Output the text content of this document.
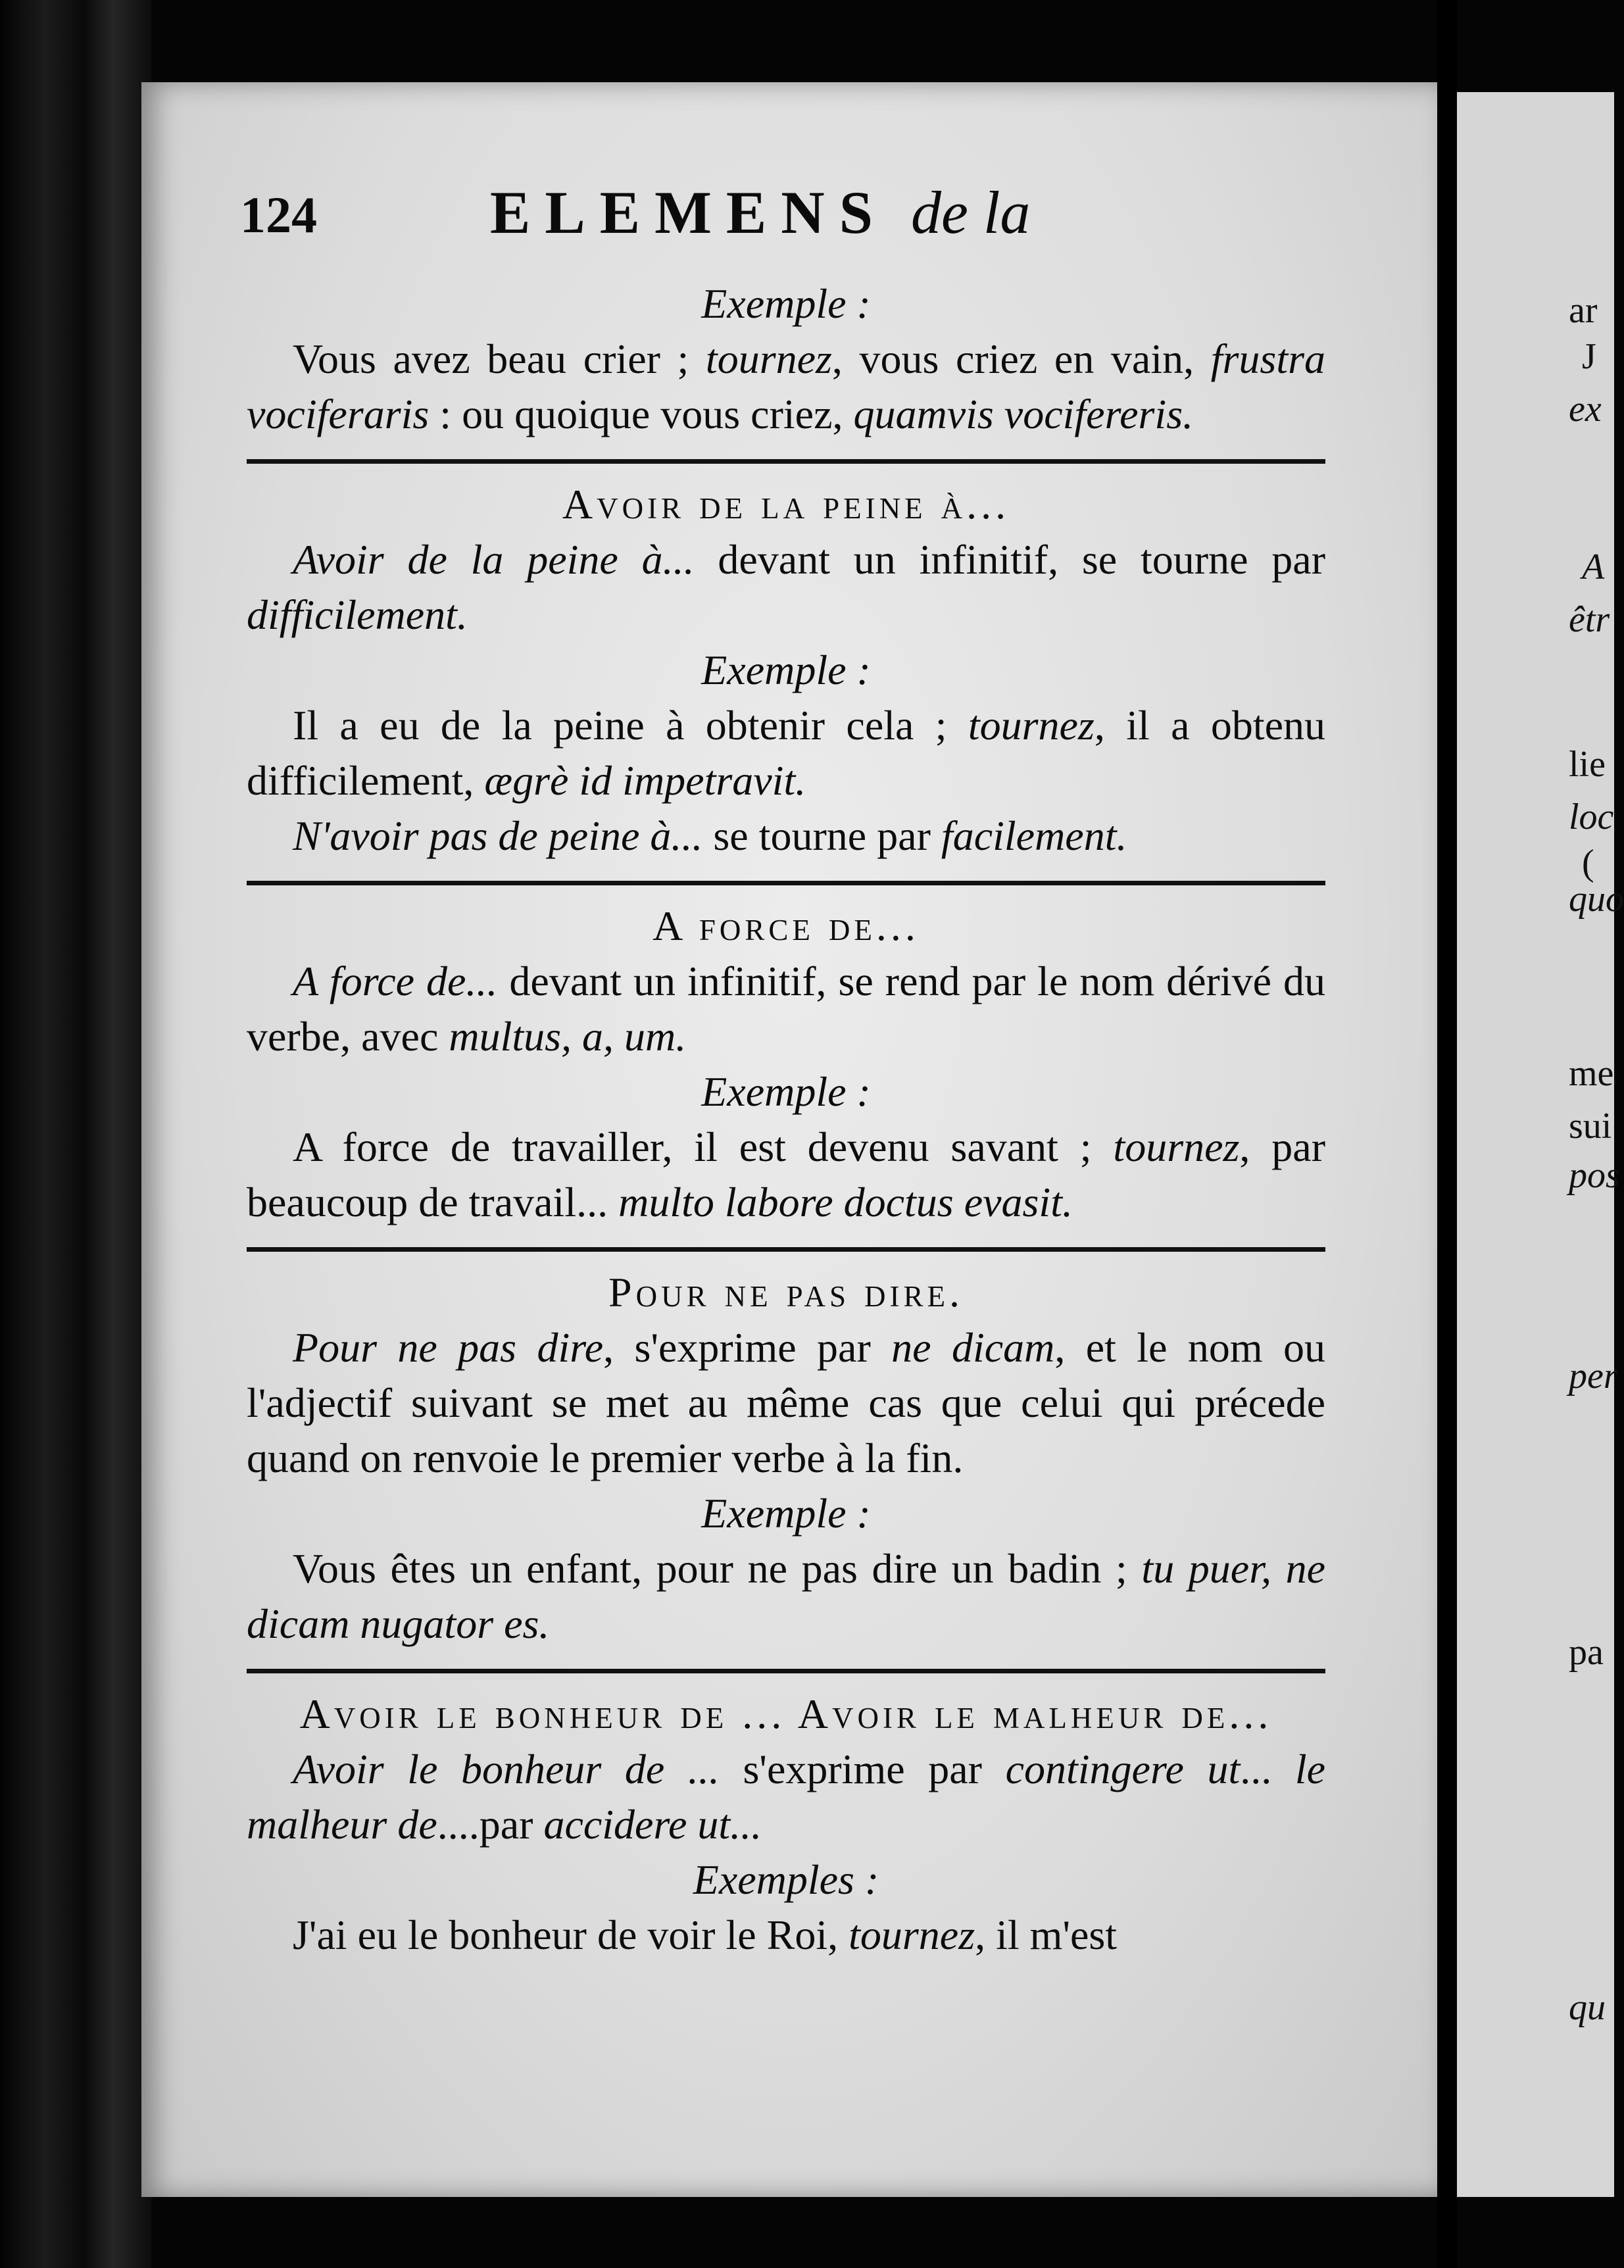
124	ELEMENS de la

Exemple :

Vous avez beau crier ; tournez, vous criez en vain, frustra vociferaris : ou quoique vous criez, quamvis vocifereris.

Avoir de la peine à...

Avoir de la peine à... devant un infinitif, se tourne par difficilement.

Exemple :

Il a eu de la peine à obtenir cela ; tournez, il a obtenu difficilement, ægrè id impetravit.

N'avoir pas de peine à... se tourne par facilement.

A force de...

A force de... devant un infinitif, se rend par le nom dérivé du verbe, avec multus, a, um.

Exemple :

A force de travailler, il est devenu savant ; tournez, par beaucoup de travail... multo labore doctus evasit.

Pour ne pas dire.

Pour ne pas dire, s'exprime par ne dicam, et le nom ou l'adjectif suivant se met au même cas que celui qui précede quand on renvoie le premier verbe à la fin.

Exemple :

Vous êtes un enfant, pour ne pas dire un badin ; tu puer, ne dicam nugator es.

Avoir le bonheur de ... Avoir le malheur de...

Avoir le bonheur de ... s'exprime par contingere ut... le malheur de....par accidere ut...

Exemples :

J'ai eu le bonheur de voir le Roi, tournez, il m'est

ar
J
ex
A
êtr
lie
loc
(
quo
me
sui
pos
per
pa
qu
